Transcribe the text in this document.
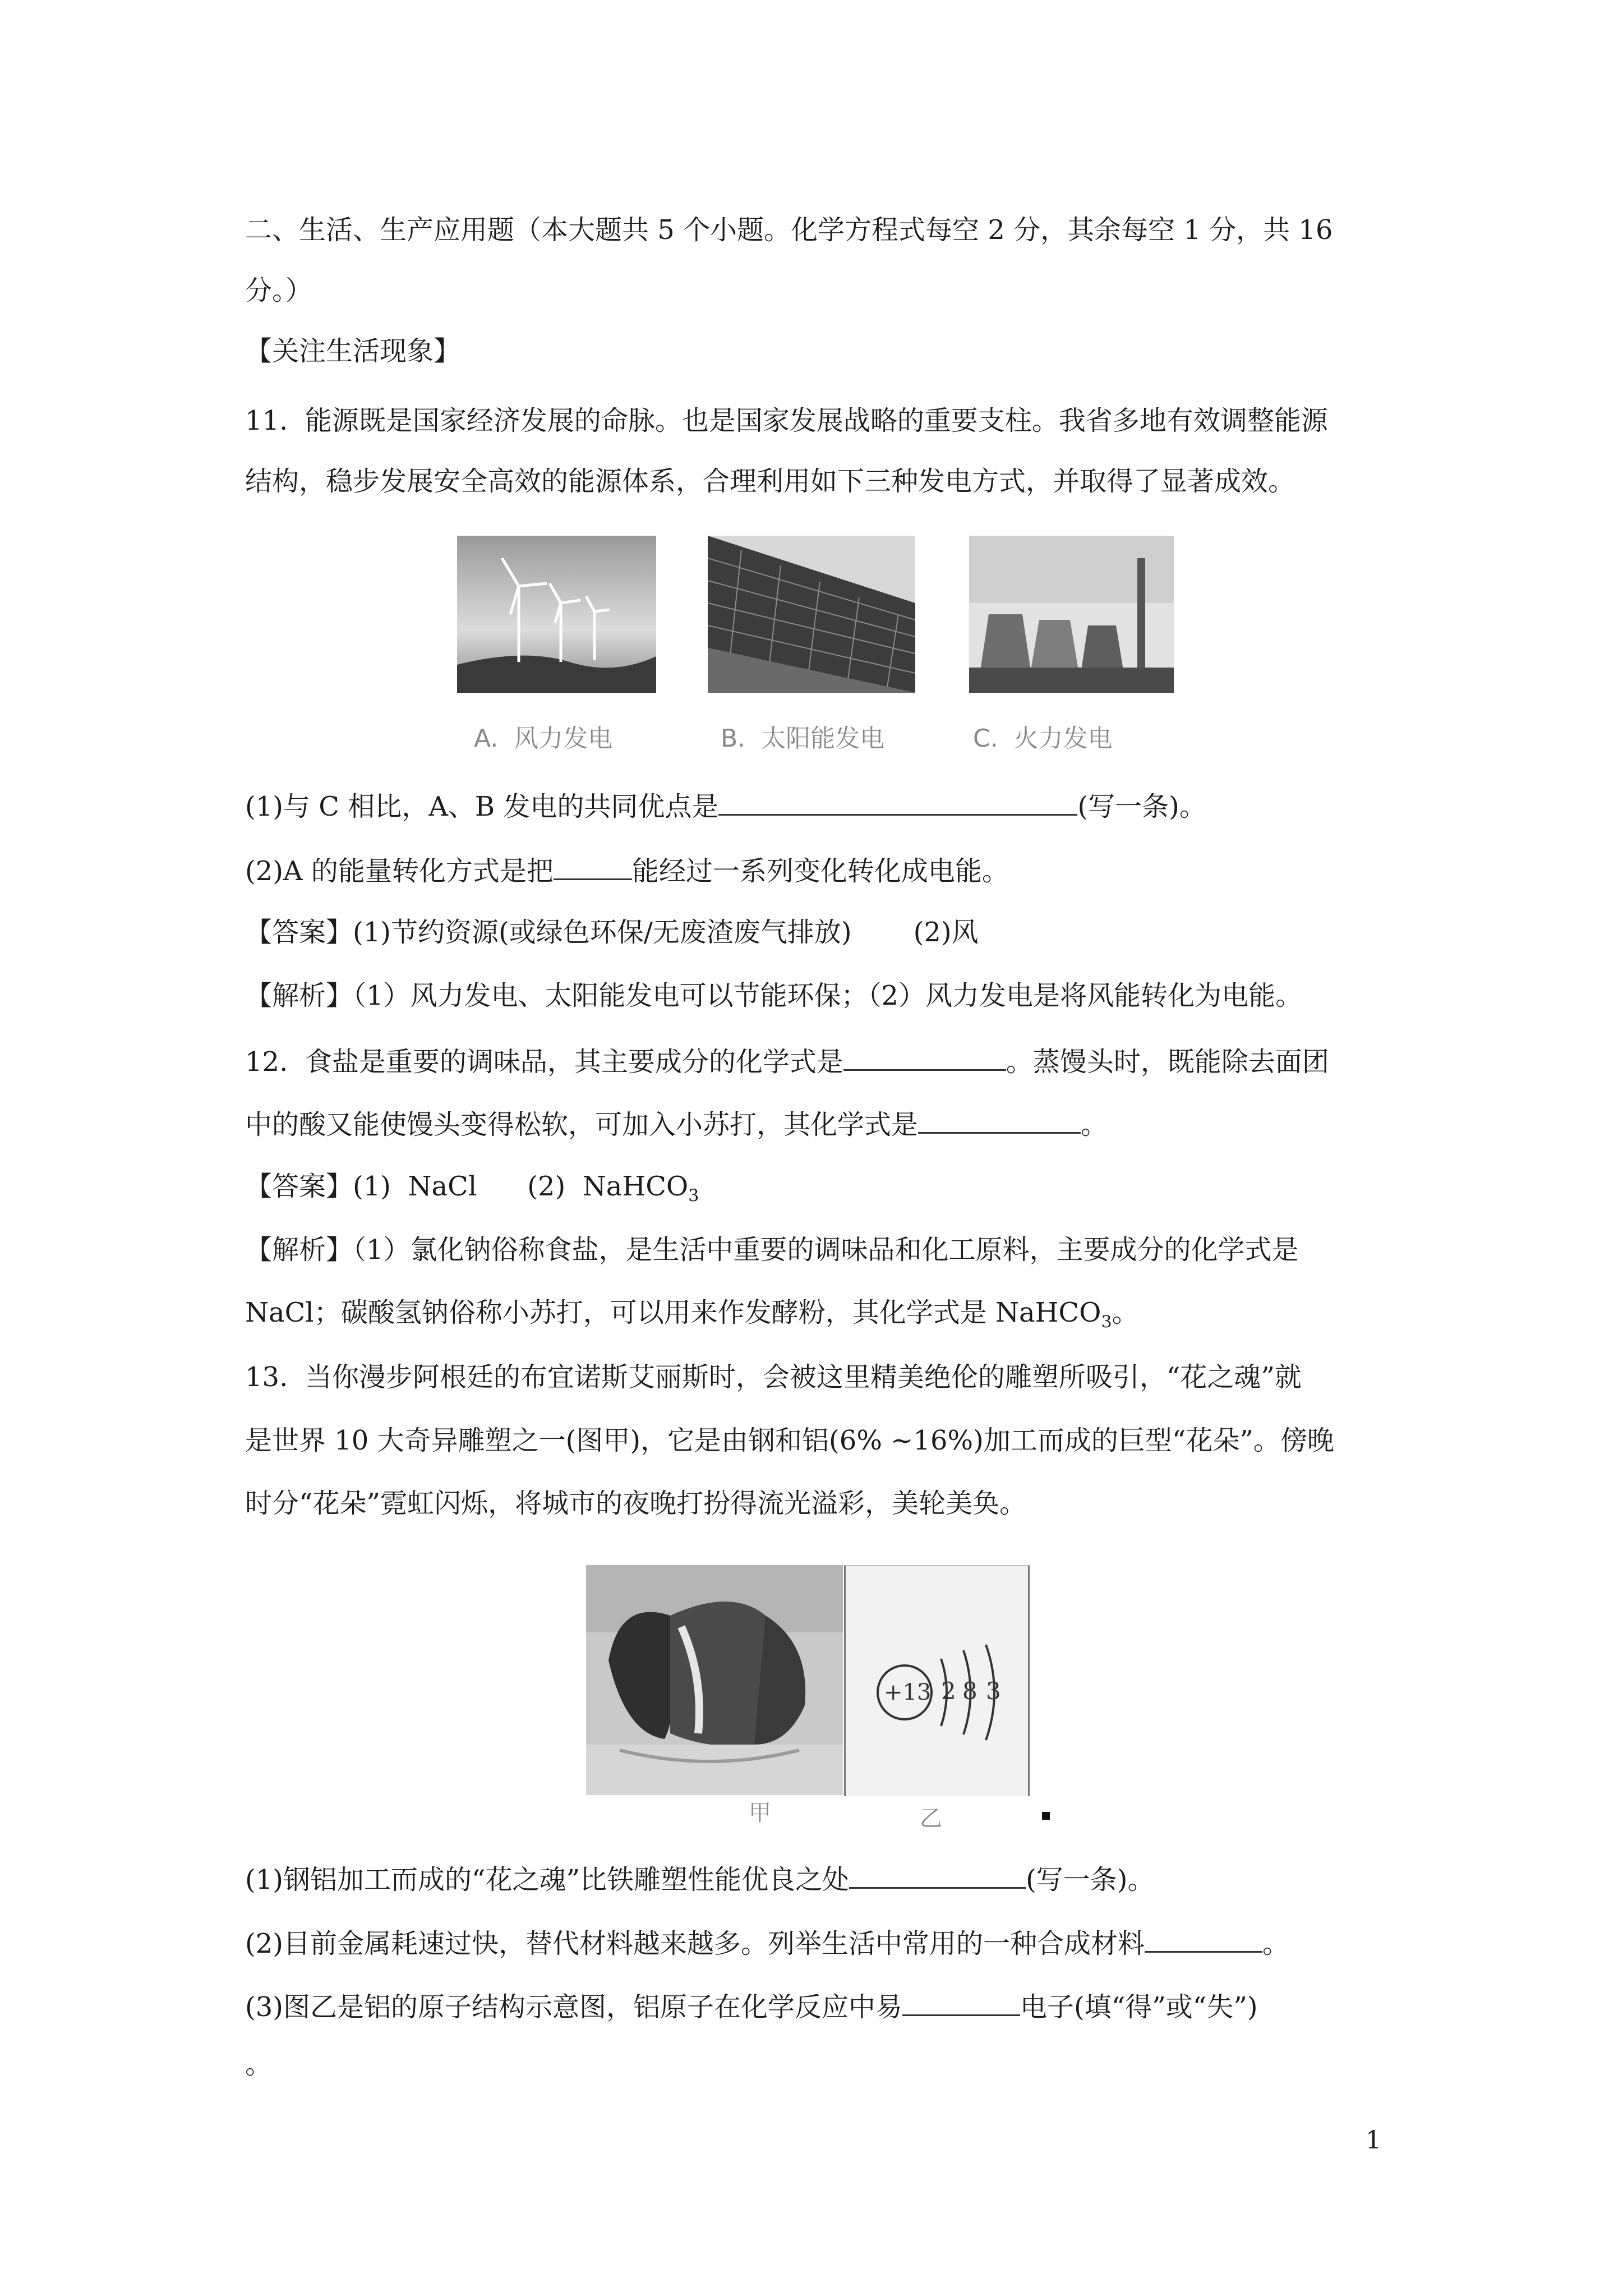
二、生活、生产应用题（本大题共 5 个小题。化学方程式每空 2 分，其余每空 1 分，共 16
分。）
【关注生活现象】
11.  能源既是国家经济发展的命脉。也是国家发展战略的重要支柱。我省多地有效调整能源
结构，稳步发展安全高效的能源体系，合理利用如下三种发电方式，并取得了显著成效。
A.  风力发电	B.  太阳能发电	C.  火力发电
(1)与 C 相比，A、B 发电的共同优点是	(写一条)。
(2)A 的能量转化方式是把	能经过一系列变化转化成电能。
【答案】(1)节约资源(或绿色环保/无废渣废气排放) (2)风
【解析】（1）风力发电、太阳能发电可以节能环保；（2）风力发电是将风能转化为电能。
12.  食盐是重要的调味品，其主要成分的化学式是	。蒸馒头时，既能除去面团
中的酸又能使馒头变得松软，可加入小苏打，其化学式是	。
【答案】(1)  NaCl (2)  NaHCO$_3$
【解析】（1）氯化钠俗称食盐，是生活中重要的调味品和化工原料，主要成分的化学式是
NaCl；碳酸氢钠俗称小苏打，可以用来作发酵粉，其化学式是 NaHCO$_3$。
13.  当你漫步阿根廷的布宜诺斯艾丽斯时，会被这里精美绝伦的雕塑所吸引，“花之魂”就
是世界 10 大奇异雕塑之一(图甲)，它是由钢和铝(6% ~16%)加工而成的巨型“花朵”。傍晚
时分“花朵”霓虹闪烁，将城市的夜晚打扮得流光溢彩，美轮美奂。
甲
+13 2 8 3
乙
(1)钢铝加工而成的“花之魂”比铁雕塑性能优良之处	(写一条)。
(2)目前金属耗速过快，替代材料越来越多。列举生活中常用的一种合成材料	。
(3)图乙是铝的原子结构示意图，铝原子在化学反应中易	电子(填“得”或“失”)
。
1
